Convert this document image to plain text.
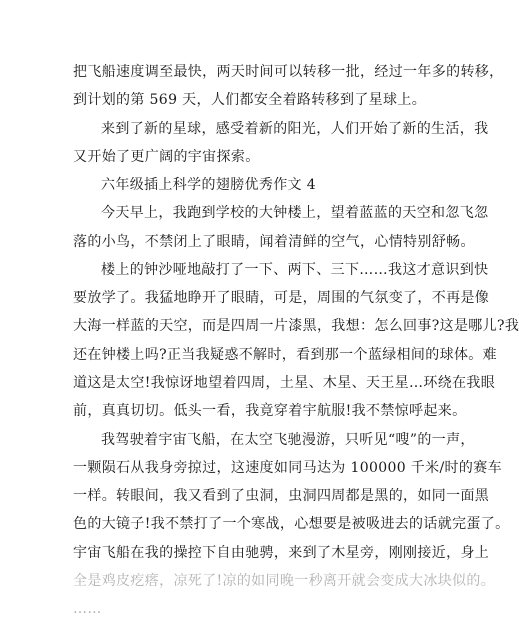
把飞船速度调至最快，两天时间可以转移一批，经过一年多的转移，
到计划的第 569 天，人们都安全着路转移到了星球上。
来到了新的星球，感受着新的阳光，人们开始了新的生活，我
又开始了更广阔的宇宙探索。
六年级插上科学的翅膀优秀作文 4
今天早上，我跑到学校的大钟楼上，望着蓝蓝的天空和忽飞忽
落的小鸟，不禁闭上了眼睛，闻着清鲜的空气，心情特别舒畅。
楼上的钟沙哑地敲打了一下、两下、三下……我这才意识到快
要放学了。我猛地睁开了眼睛，可是，周围的气氛变了，不再是像
大海一样蓝的天空，而是四周一片漆黑，我想：怎么回事?这是哪儿?我
还在钟楼上吗?正当我疑惑不解时，看到那一个蓝绿相间的球体。难
道这是太空!我惊讶地望着四周，土星、木星、天王星…环绕在我眼
前，真真切切。低头一看，我竟穿着宇航服!我不禁惊呼起来。
我驾驶着宇宙飞船，在太空飞驰漫游，只听见“嗖”的一声，
一颗陨石从我身旁掠过，这速度如同马达为 100000 千米/时的赛车
一样。转眼间，我又看到了虫洞，虫洞四周都是黑的，如同一面黑
色的大镜子!我不禁打了一个寒战，心想要是被吸进去的话就完蛋了。
宇宙飞船在我的操控下自由驰骋，来到了木星旁，刚刚接近，身上
全是鸡皮疙瘩，凉死了!凉的如同晚一秒离开就会变成大冰块似的。
……
